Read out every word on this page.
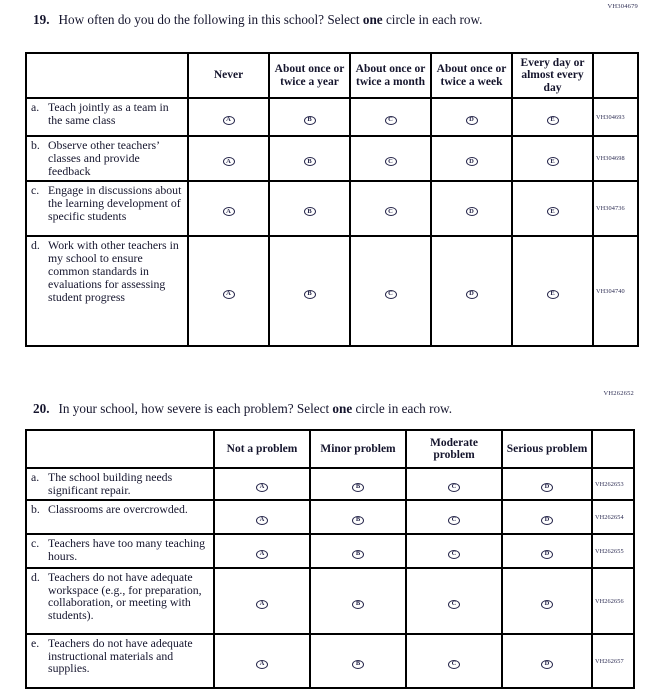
VH304679
19. How often do you do the following in this school? Select one circle in each row.
	Never	About once or twice a year	About once or twice a month	About once or twice a week	Every day or almost every day	

a. Teach jointly as a team in the same class	A	B	C	D	E	VH304693

b. Observe other teachers’ classes and provide feedback	A	B	C	D	E	VH304698

c. Engage in discussions about the learning development of specific students	A	B	C	D	E	VH304736

d. Work with other teachers in my school to ensure common standards in evaluations for assessing student progress	A	B	C	D	E	VH304740
VH262652
20. In your school, how severe is each problem? Select one circle in each row.
	Not a problem	Minor problem	Moderate problem	Serious problem	

a. The school building needs significant repair.	A	B	C	D	VH262653

b. Classrooms are overcrowded.	A	B	C	D	VH262654

c. Teachers have too many teaching hours.	A	B	C	D	VH262655

d. Teachers do not have adequate workspace (e.g., for preparation, collaboration, or meeting with students).	A	B	C	D	VH262656

e. Teachers do not have adequate instructional materials and supplies.	A	B	C	D	VH262657
